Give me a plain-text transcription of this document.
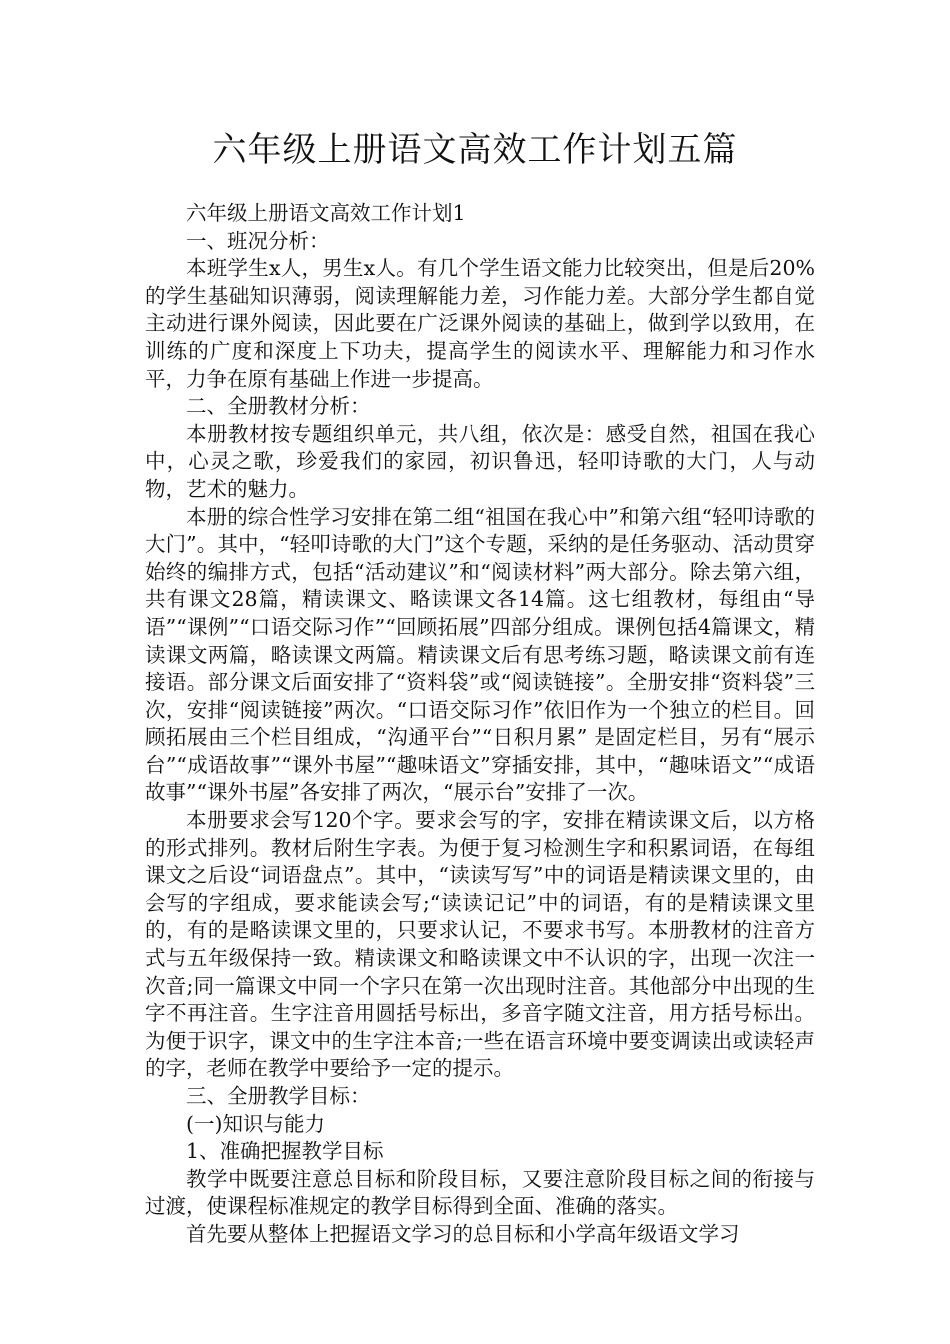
六年级上册语文高效工作计划五篇

六年级上册语文高效工作计划1

一、班况分析：

本班学生x人，男生x人。有几个学生语文能力比较突出，但是后20%的学生基础知识薄弱，阅读理解能力差，习作能力差。大部分学生都自觉主动进行课外阅读，因此要在广泛课外阅读的基础上，做到学以致用，在训练的广度和深度上下功夫，提高学生的阅读水平、理解能力和习作水平，力争在原有基础上作进一步提高。

二、全册教材分析：

本册教材按专题组织单元，共八组，依次是：感受自然，祖国在我心中，心灵之歌，珍爱我们的家园，初识鲁迅，轻叩诗歌的大门，人与动物，艺术的魅力。

本册的综合性学习安排在第二组“祖国在我心中”和第六组“轻叩诗歌的大门”。其中，“轻叩诗歌的大门”这个专题，采纳的是任务驱动、活动贯穿始终的编排方式，包括“活动建议”和“阅读材料”两大部分。除去第六组，共有课文28篇，精读课文、略读课文各14篇。这七组教材，每组由“导语”“课例”“口语交际习作”“回顾拓展”四部分组成。课例包括4篇课文，精读课文两篇，略读课文两篇。精读课文后有思考练习题，略读课文前有连接语。部分课文后面安排了“资料袋”或“阅读链接”。全册安排“资料袋”三次，安排“阅读链接”两次。“口语交际习作”依旧作为一个独立的栏目。回顾拓展由三个栏目组成，“沟通平台”“日积月累” 是固定栏目，另有“展示台”“成语故事”“课外书屋”“趣味语文”穿插安排，其中，“趣味语文”“成语故事”“课外书屋”各安排了两次，“展示台”安排了一次。

本册要求会写120个字。要求会写的字，安排在精读课文后，以方格的形式排列。教材后附生字表。为便于复习检测生字和积累词语，在每组课文之后设“词语盘点”。其中，“读读写写”中的词语是精读课文里的，由会写的字组成，要求能读会写;“读读记记”中的词语，有的是精读课文里的，有的是略读课文里的，只要求认记，不要求书写。本册教材的注音方式与五年级保持一致。精读课文和略读课文中不认识的字，出现一次注一次音;同一篇课文中同一个字只在第一次出现时注音。其他部分中出现的生字不再注音。生字注音用圆括号标出，多音字随文注音，用方括号标出。为便于识字，课文中的生字注本音;一些在语言环境中要变调读出或读轻声的字，老师在教学中要给予一定的提示。

三、全册教学目标：

(一)知识与能力

1、准确把握教学目标

教学中既要注意总目标和阶段目标，又要注意阶段目标之间的衔接与过渡，使课程标准规定的教学目标得到全面、准确的落实。

首先要从整体上把握语文学习的总目标和小学高年级语文学习
